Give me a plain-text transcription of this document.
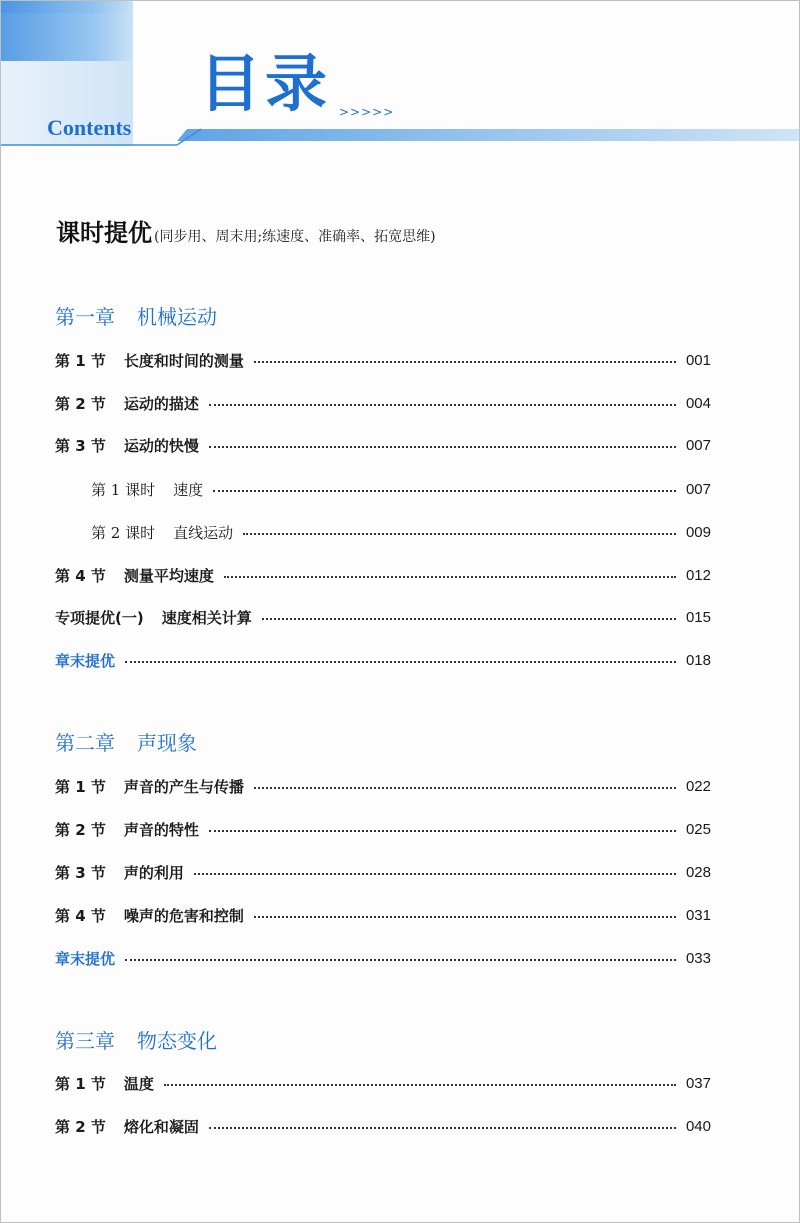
目录 >>>>>
Contents
课时提优 (同步用、周末用;练速度、准确率、拓宽思维)
第一章 机械运动
第 1 节 长度和时间的测量	001
第 2 节 运动的描述	004
第 3 节 运动的快慢	007
第 1 课时 速度	007
第 2 课时 直线运动	009
第 4 节 测量平均速度	012
专项提优(一) 速度相关计算	015
章末提优	018
第二章 声现象
第 1 节 声音的产生与传播	022
第 2 节 声音的特性	025
第 3 节 声的利用	028
第 4 节 噪声的危害和控制	031
章末提优	033
第三章 物态变化
第 1 节 温度	037
第 2 节 熔化和凝固	040
